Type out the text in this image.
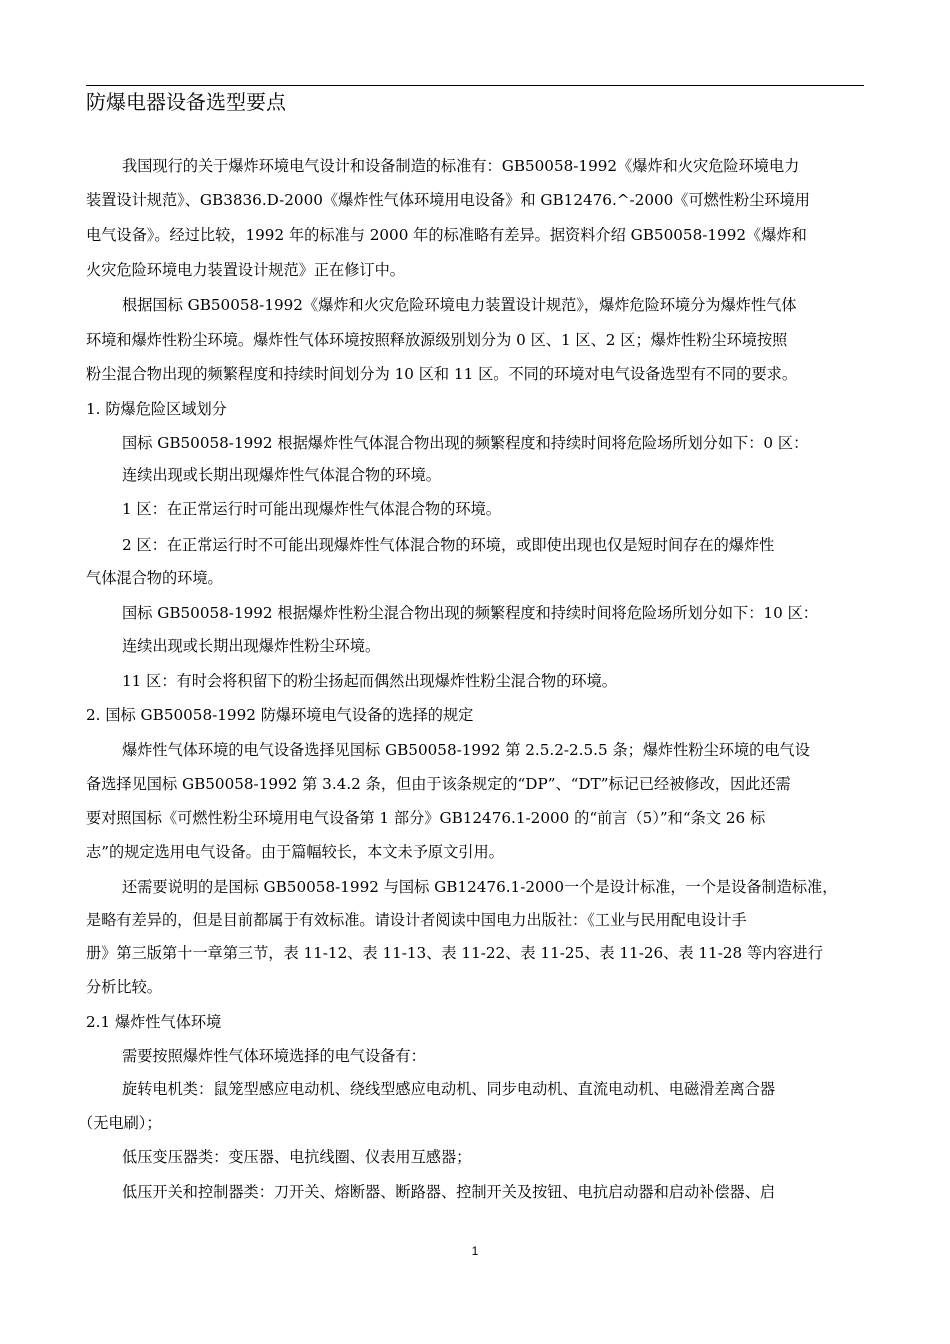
防爆电器设备选型要点
我国现行的关于爆炸环境电气设计和设备制造的标准有：GB50058-1992《爆炸和火灾危险环境电力
装置设计规范》、GB3836.D-2000《爆炸性气体环境用电设备》和 GB12476.^-2000《可燃性粉尘环境用
电气设备》。经过比较，1992 年的标准与 2000 年的标准略有差异。据资料介绍 GB50058-1992《爆炸和
火灾危险环境电力装置设计规范》正在修订中。
根据国标 GB50058-1992《爆炸和火灾危险环境电力装置设计规范》，爆炸危险环境分为爆炸性气体
环境和爆炸性粉尘环境。爆炸性气体环境按照释放源级别划分为 0 区、1 区、2 区；爆炸性粉尘环境按照
粉尘混合物出现的频繁程度和持续时间划分为 10 区和 11 区。不同的环境对电气设备选型有不同的要求。
1. 防爆危险区域划分
国标 GB50058-1992 根据爆炸性气体混合物出现的频繁程度和持续时间将危险场所划分如下：0 区：
连续出现或长期出现爆炸性气体混合物的环境。
1 区：在正常运行时可能出现爆炸性气体混合物的环境。
2 区：在正常运行时不可能出现爆炸性气体混合物的环境，或即使出现也仅是短时间存在的爆炸性
气体混合物的环境。
国标 GB50058-1992 根据爆炸性粉尘混合物出现的频繁程度和持续时间将危险场所划分如下：10 区：
连续出现或长期出现爆炸性粉尘环境。
11 区：有时会将积留下的粉尘扬起而偶然出现爆炸性粉尘混合物的环境。
2. 国标 GB50058-1992 防爆环境电气设备的选择的规定
爆炸性气体环境的电气设备选择见国标 GB50058-1992 第 2.5.2-2.5.5 条；爆炸性粉尘环境的电气设
备选择见国标 GB50058-1992 第 3.4.2 条，但由于该条规定的“DP”、“DT”标记已经被修改，因此还需
要对照国标《可燃性粉尘环境用电气设备第 1 部分》GB12476.1-2000 的“前言（5）”和“条文 26 标
志”的规定选用电气设备。由于篇幅较长，本文未予原文引用。
还需要说明的是国标 GB50058-1992 与国标 GB12476.1-2000一个是设计标准，一个是设备制造标准，
是略有差异的，但是目前都属于有效标准。请设计者阅读中国电力出版社：《工业与民用配电设计手
册》第三版第十一章第三节，表 11-12、表 11-13、表 11-22、表 11-25、表 11-26、表 11-28 等内容进行
分析比较。
2.1 爆炸性气体环境
需要按照爆炸性气体环境选择的电气设备有：
旋转电机类：鼠笼型感应电动机、绕线型感应电动机、同步电动机、直流电动机、电磁滑差离合器
（无电刷）；
低压变压器类：变压器、电抗线圈、仪表用互感器；
低压开关和控制器类：刀开关、熔断器、断路器、控制开关及按钮、电抗启动器和启动补偿器、启
1
